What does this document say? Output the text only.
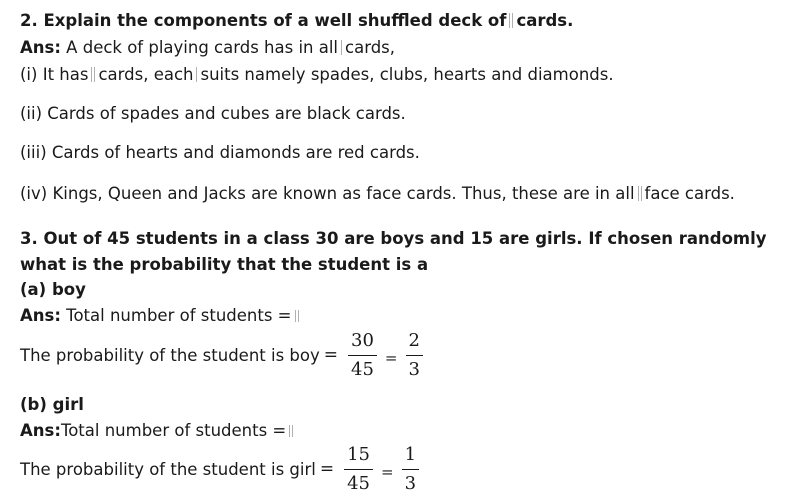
2. Explain the components of a well shuffled deck of cards.
Ans: A deck of playing cards has in all cards,
(i) It has cards, each suits namely spades, clubs, hearts and diamonds.
(ii) Cards of spades and cubes are black cards.
(iii) Cards of hearts and diamonds are red cards.
(iv) Kings, Queen and Jacks are known as face cards. Thus, these are in all face cards.
3. Out of 45 students in a class 30 are boys and 15 are girls. If chosen randomly what is the probability that the student is a
(a) boy
Ans: Total number of students =
The probability of the student is boy = $\frac{30}{45} = \frac{2}{3}$
(b) girl
Ans:Total number of students =
The probability of the student is girl = $\frac{15}{45} = \frac{1}{3}$
